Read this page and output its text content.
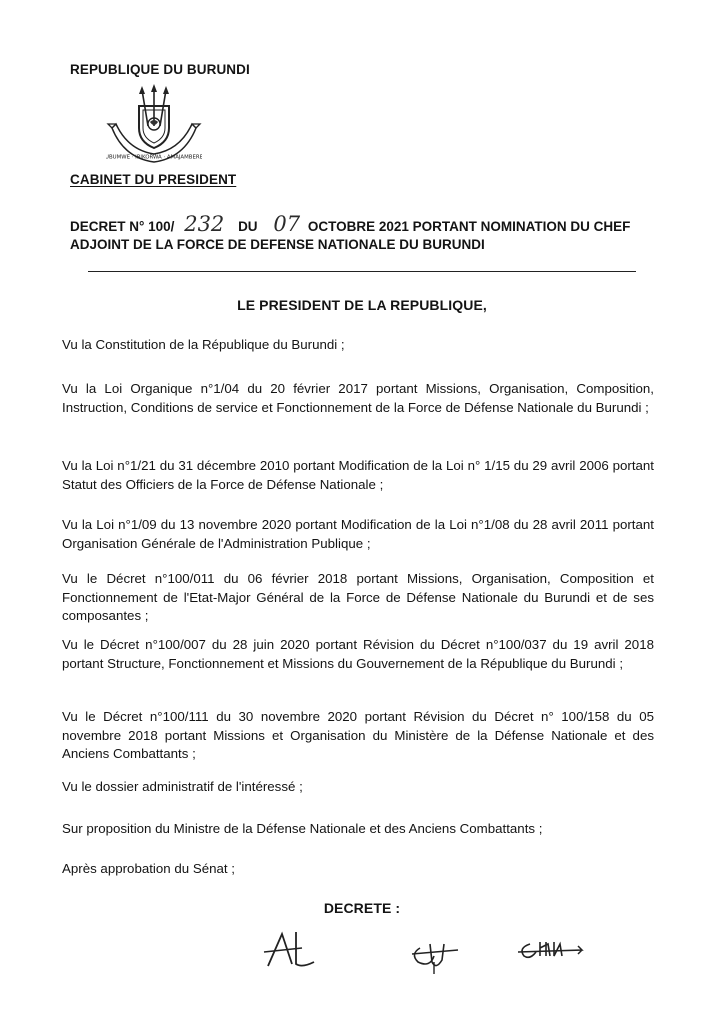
REPUBLIQUE DU BURUNDI
UBUMWE · IBIKORWA · AMAJAMBERE
CABINET DU PRESIDENT
DECRET N° 100/ 232 DU 07 OCTOBRE 2021 PORTANT NOMINATION DU CHEF
ADJOINT DE LA FORCE DE DEFENSE NATIONALE DU BURUNDI
LE PRESIDENT DE LA REPUBLIQUE,
Vu la Constitution de la République du Burundi ;
Vu la Loi Organique n°1/04 du 20 février 2017 portant Missions, Organisation, Composition, Instruction, Conditions de service et Fonctionnement de la Force de Défense Nationale du Burundi ;
Vu la Loi n°1/21 du 31 décembre 2010 portant Modification de la Loi n° 1/15 du 29 avril 2006 portant Statut des Officiers de la Force de Défense Nationale ;
Vu la Loi n°1/09 du 13 novembre 2020 portant Modification de la Loi n°1/08 du 28 avril 2011 portant Organisation Générale de l'Administration Publique ;
Vu le Décret n°100/011 du 06 février 2018 portant Missions, Organisation, Composition et Fonctionnement de l'Etat-Major Général de la Force de Défense Nationale du Burundi et de ses composantes ;
Vu le Décret n°100/007 du 28 juin 2020 portant Révision du Décret n°100/037 du 19 avril 2018 portant Structure, Fonctionnement et Missions du Gouvernement de la République du Burundi ;
Vu le Décret n°100/111 du 30 novembre 2020 portant Révision du Décret n° 100/158 du 05 novembre 2018 portant Missions et Organisation du Ministère de la Défense Nationale et des Anciens Combattants ;
Vu le dossier administratif de l'intéressé ;
Sur proposition du Ministre de la Défense Nationale et des Anciens Combattants ;
Après approbation du Sénat ;
DECRETE :
